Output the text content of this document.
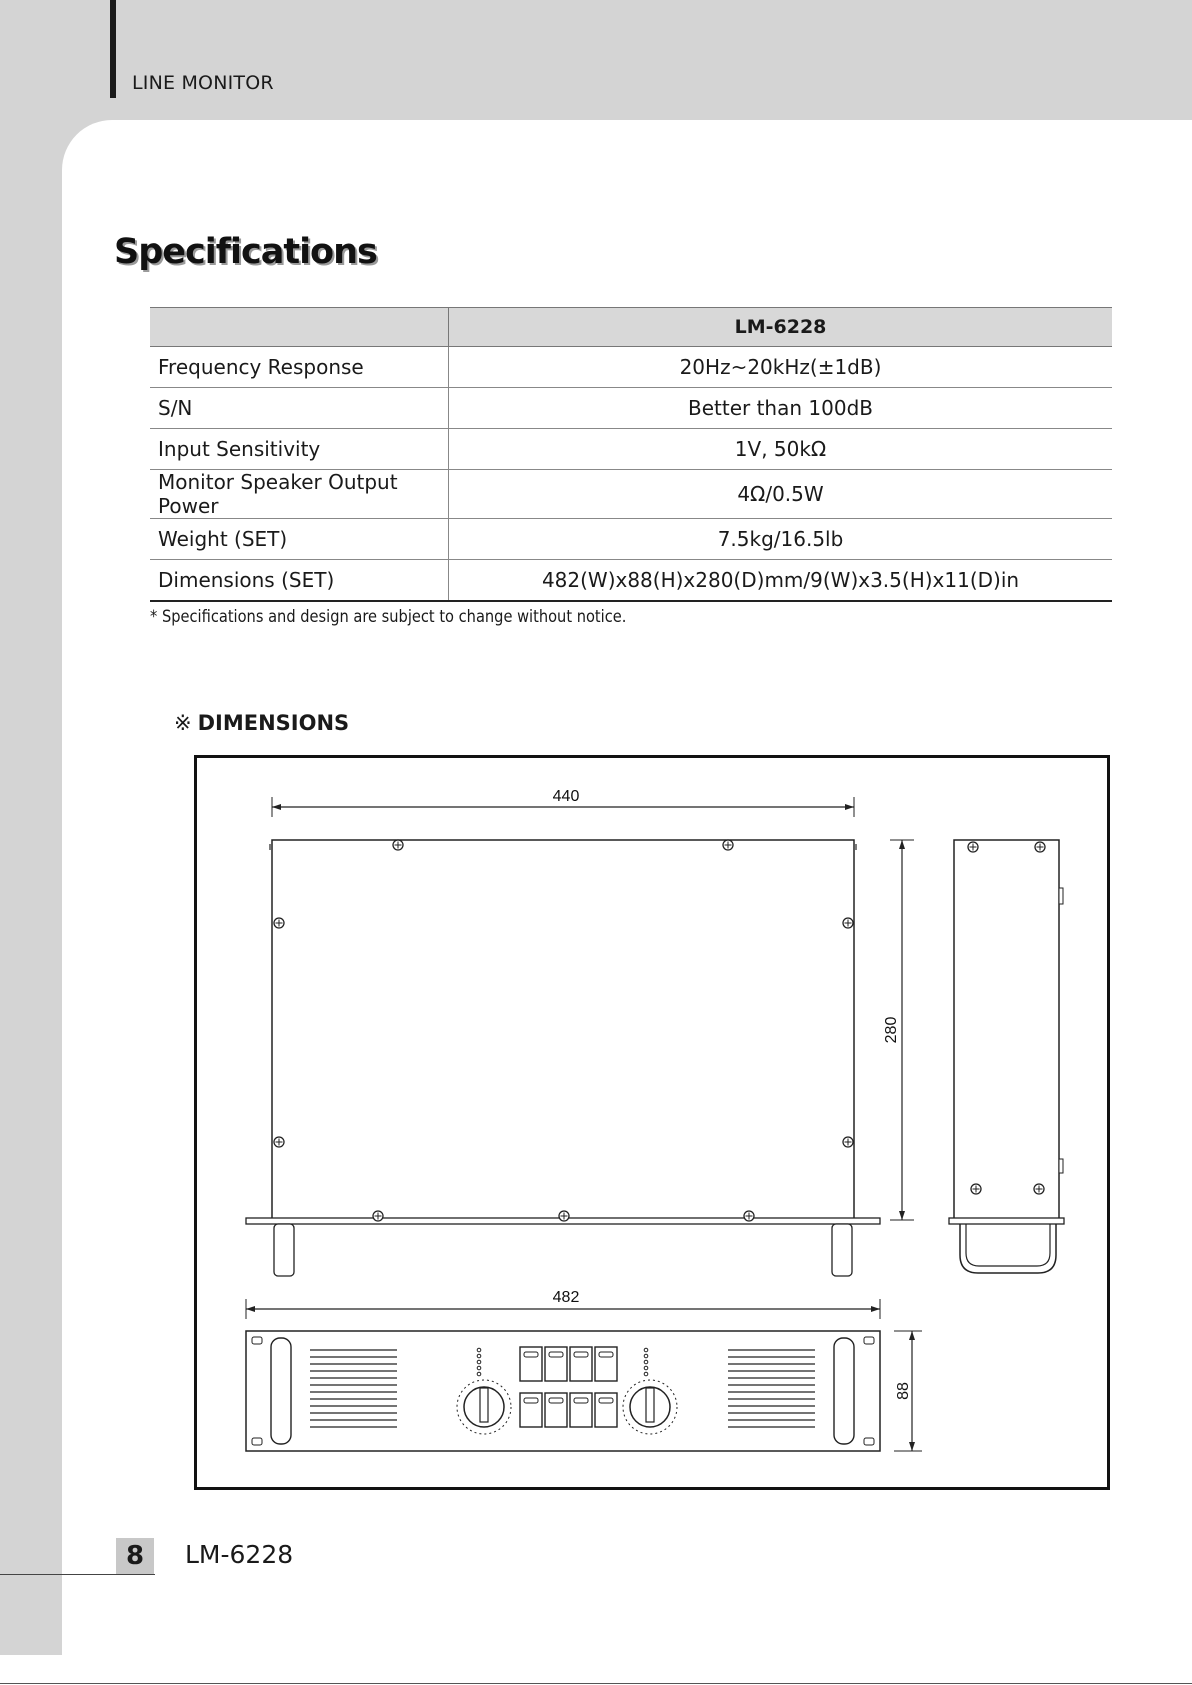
LINE MONITOR
Specifications
	LM-6228
Frequency Response	20Hz~20kHz(±1dB)
S/N	Better than 100dB
Input Sensitivity	1V, 50kΩ
Monitor Speaker Output Power	4Ω/0.5W
Weight (SET)	7.5kg/16.5lb
Dimensions (SET)	482(W)x88(H)x280(D)mm/9(W)x3.5(H)x11(D)in
* Specifications and design are subject to change without notice.
※ DIMENSIONS
440
280
482
88
8	LM-6228
